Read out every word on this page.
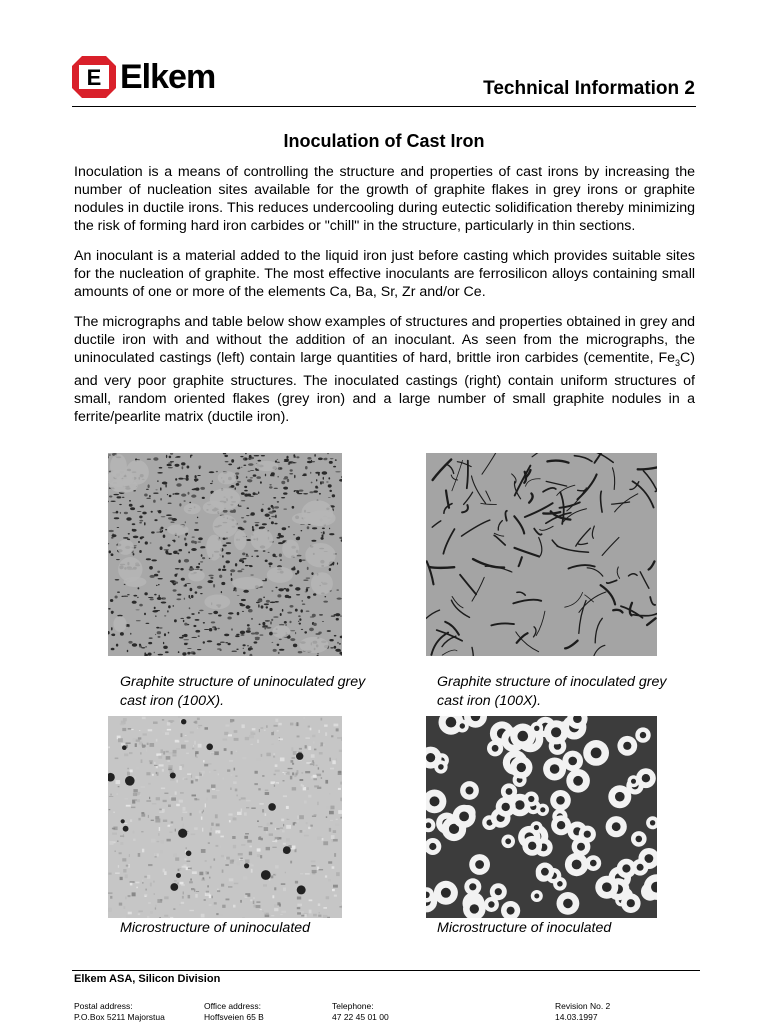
E Elkem	Technical Information 2
Inoculation of Cast Iron

Inoculation is a means of controlling the structure and properties of cast irons by increasing the number of nucleation sites available for the growth of graphite flakes in grey irons or graphite nodules in ductile irons. This reduces undercooling during eutectic solidification thereby minimizing the risk of forming hard iron carbides or "chill" in the structure, particularly in thin sections.

An inoculant is a material added to the liquid iron just before casting which provides suitable sites for the nucleation of graphite. The most effective inoculants are ferrosilicon alloys containing small amounts of one or more of the elements Ca, Ba, Sr, Zr and/or Ce.

The micrographs and table below show examples of structures and properties obtained in grey and ductile iron with and without the addition of an inoculant. As seen from the micrographs, the uninoculated castings (left) contain large quantities of hard, brittle iron carbides (cementite, $Fe_3C$) and very poor graphite structures. The inoculated castings (right) contain uniform structures of small, random oriented flakes (grey iron) and a large number of small graphite nodules in a ferrite/pearlite matrix (ductile iron).

Graphite structure of uninoculated grey cast iron (100X).
Graphite structure of inoculated grey cast iron (100X).
Microstructure of uninoculated	Microstructure of inoculated
Elkem ASA, Silicon Division
Postal address:
P.O.Box 5211 Majorstua
Office address:
Hoffsveien 65 B
Telephone:
47 22 45 01 00
Revision No. 2
14.03.1997
